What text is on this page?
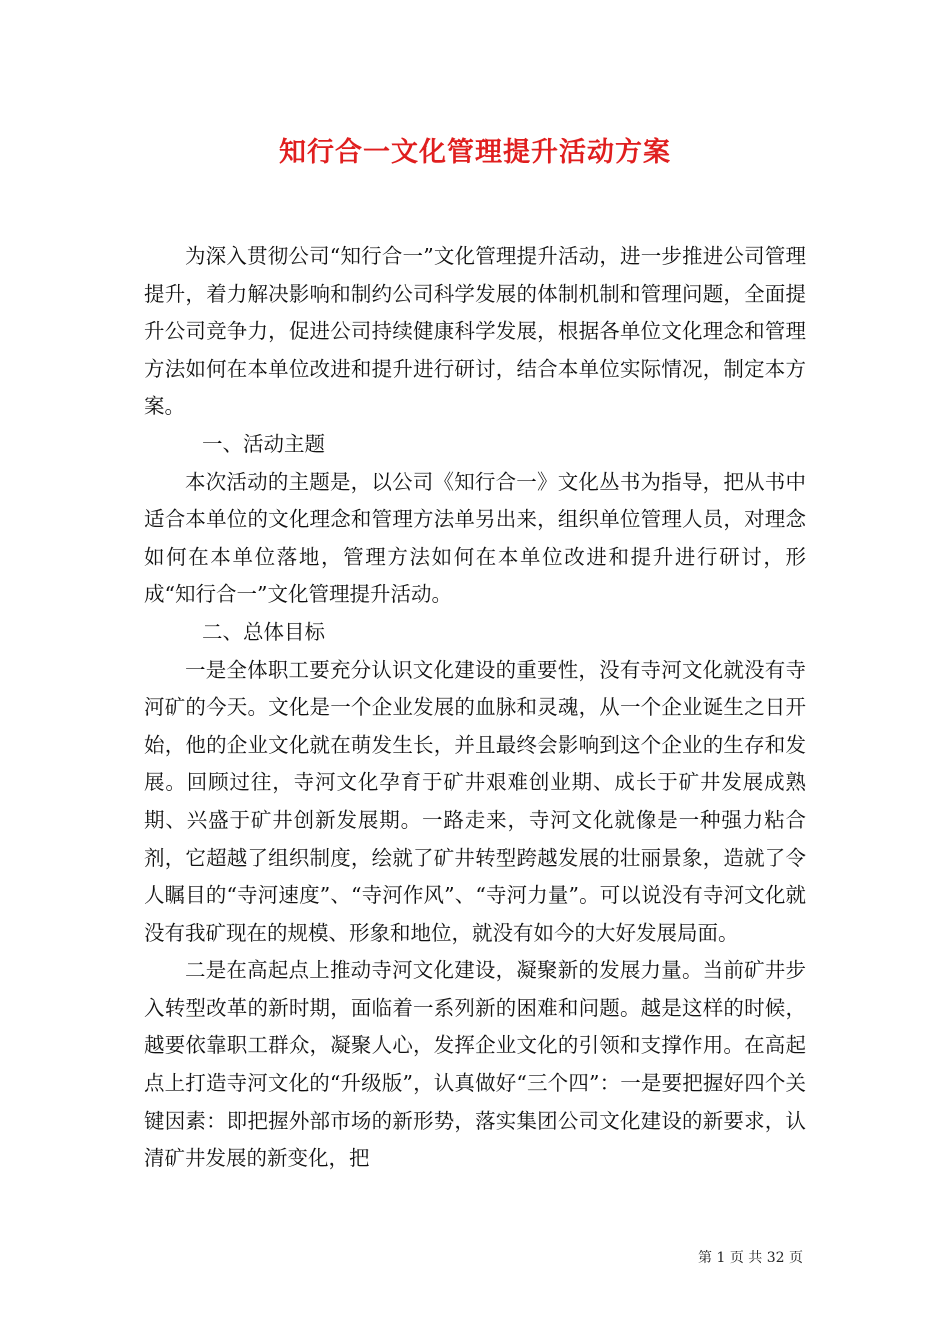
知行合一文化管理提升活动方案

为深入贯彻公司“知行合一”文化管理提升活动，进一步推进公司管理提升，着力解决影响和制约公司科学发展的体制机制和管理问题，全面提升公司竞争力，促进公司持续健康科学发展，根据各单位文化理念和管理方法如何在本单位改进和提升进行研讨，结合本单位实际情况，制定本方案。

一、活动主题

本次活动的主题是，以公司《知行合一》文化丛书为指导，把从书中适合本单位的文化理念和管理方法单另出来，组织单位管理人员，对理念如何在本单位落地，管理方法如何在本单位改进和提升进行研讨，形成“知行合一”文化管理提升活动。

二、总体目标

一是全体职工要充分认识文化建设的重要性，没有寺河文化就没有寺河矿的今天。文化是一个企业发展的血脉和灵魂，从一个企业诞生之日开始，他的企业文化就在萌发生长，并且最终会影响到这个企业的生存和发展。回顾过往，寺河文化孕育于矿井艰难创业期、成长于矿井发展成熟期、兴盛于矿井创新发展期。一路走来，寺河文化就像是一种强力粘合剂，它超越了组织制度，绘就了矿井转型跨越发展的壮丽景象，造就了令人瞩目的“寺河速度”、“寺河作风”、“寺河力量”。可以说没有寺河文化就没有我矿现在的规模、形象和地位，就没有如今的大好发展局面。

二是在高起点上推动寺河文化建设，凝聚新的发展力量。当前矿井步入转型改革的新时期，面临着一系列新的困难和问题。越是这样的时候，越要依靠职工群众，凝聚人心，发挥企业文化的引领和支撑作用。在高起点上打造寺河文化的“升级版”，认真做好“三个四”：一是要把握好四个关键因素：即把握外部市场的新形势，落实集团公司文化建设的新要求，认清矿井发展的新变化，把

第 1 页 共 32 页
